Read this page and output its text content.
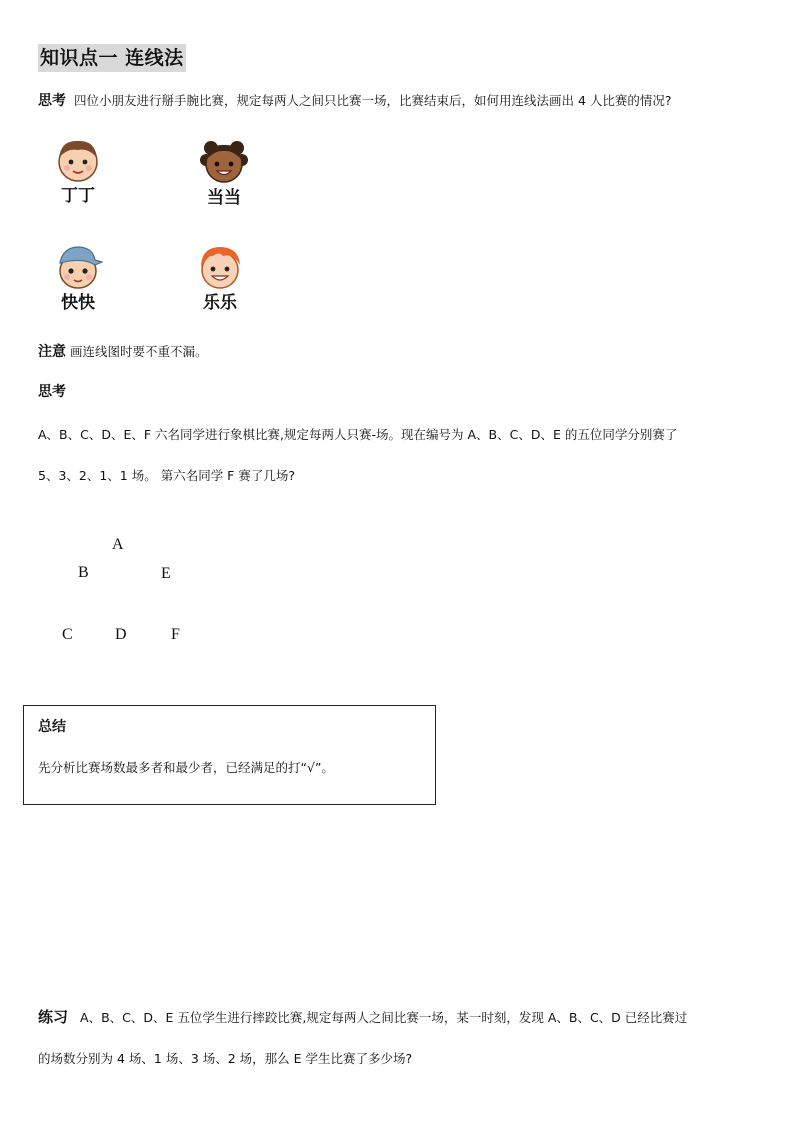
知识点一 连线法
思考 四位小朋友进行掰手腕比赛，规定每两人之间只比赛一场，比赛结束后，如何用连线法画出 4 人比赛的情况?
丁丁	当当
快快	乐乐
注意 画连线图时要不重不漏。
思考
A、B、C、D、E、F 六名同学进行象棋比赛,规定每两人只赛-场。现在编号为 A、B、C、D、E 的五位同学分别赛了
5、3、2、1、1 场。 第六名同学 F 赛了几场?
A
B	E
C	D	F
总结
先分析比赛场数最多者和最少者，已经满足的打“√”。
练习 A、B、C、D、E 五位学生进行摔跤比赛,规定每两人之间比赛一场，某一时刻，发现 A、B、C、D 已经比赛过
的场数分别为 4 场、1 场、3 场、2 场，那么 E 学生比赛了多少场?
